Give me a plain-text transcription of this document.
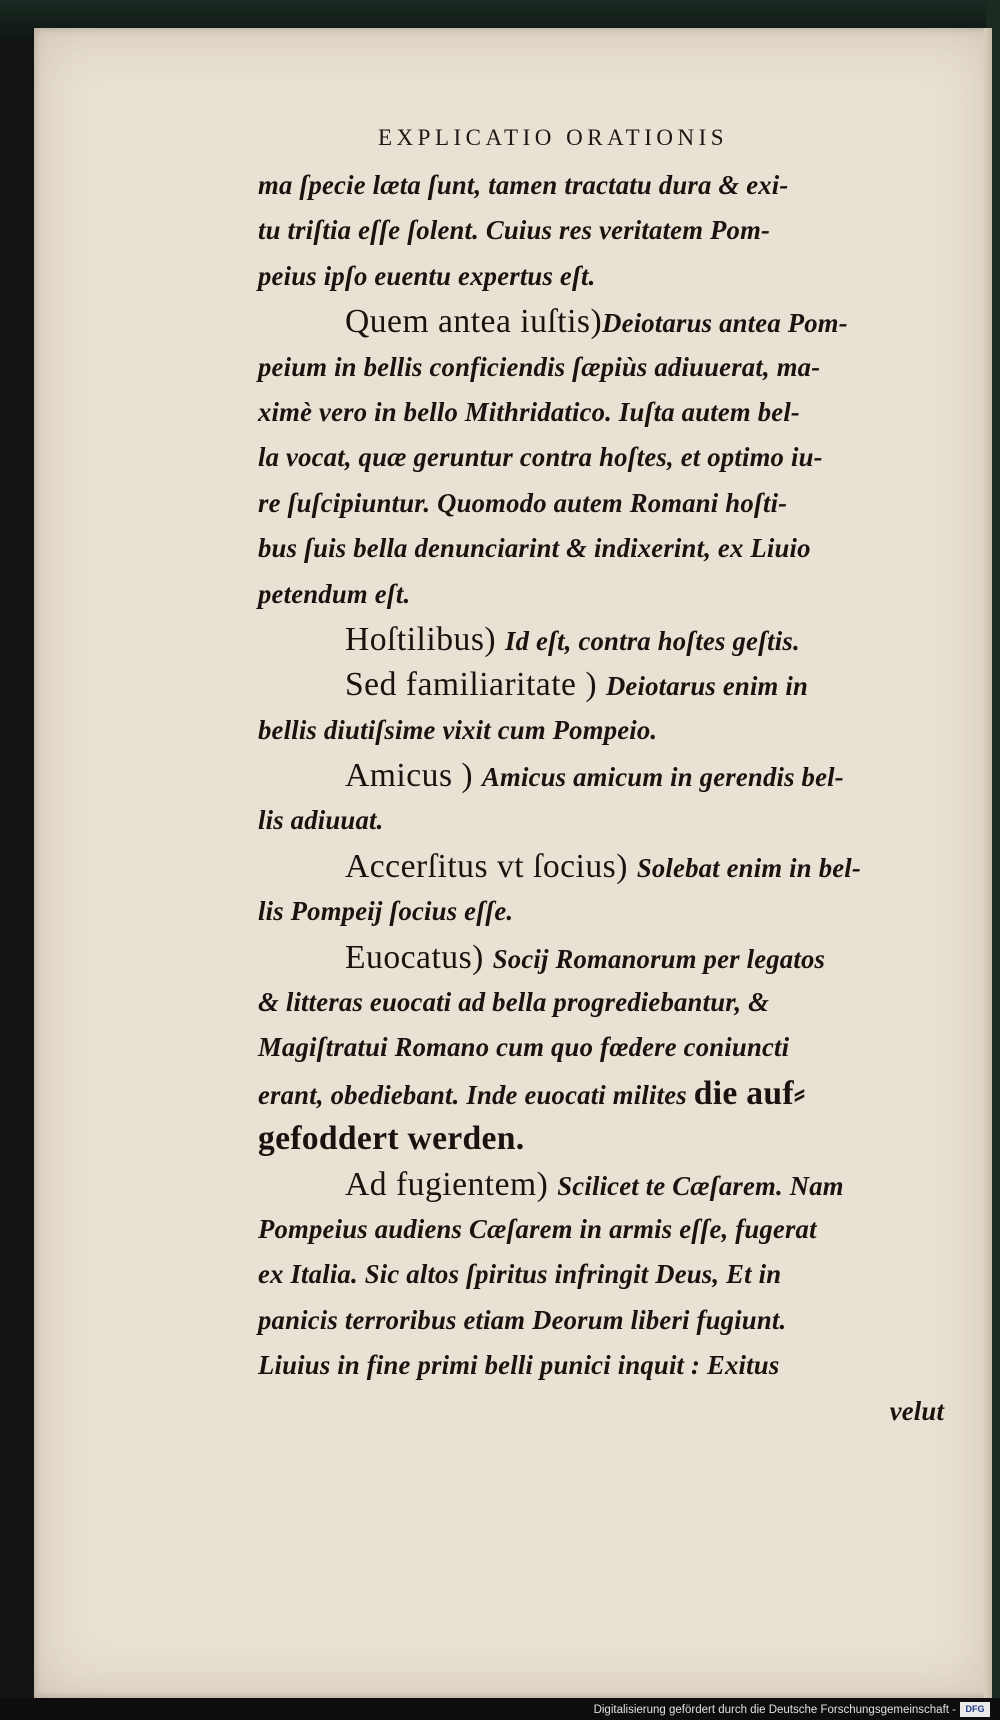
EXPLICATIO ORATIONIS
ma ſpecie læta ſunt, tamen tractatu dura & exi-
tu triſtia eſſe ſolent. Cuius res veritatem Pom-
peius ipſo euentu expertus eſt.
Quem antea iuſtis)Deiotarus antea Pom-
peium in bellis conficiendis ſæpiùs adiuuerat, ma-
ximè vero in bello Mithridatico. Iuſta autem bel-
la vocat, quæ geruntur contra hoſtes, et optimo iu-
re ſuſcipiuntur. Quomodo autem Romani hoſti-
bus ſuis bella denunciarint & indixerint, ex Liuio
petendum eſt.
Hoſtilibus) Id eſt, contra hoſtes geſtis.
Sed familiaritate ) Deiotarus enim in
bellis diutiſsime vixit cum Pompeio.
Amicus ) Amicus amicum in gerendis bel-
lis adiuuat.
Accerſitus vt ſocius) Solebat enim in bel-
lis Pompeij ſocius eſſe.
Euocatus) Socij Romanorum per legatos
& litteras euocati ad bella progrediebantur, &
Magiſtratui Romano cum quo fœdere coniuncti
erant, obediebant. Inde euocati milites die auf⸗
gefoddert werden.
Ad fugientem) Scilicet te Cæſarem. Nam
Pompeius audiens Cæſarem in armis eſſe, fugerat
ex Italia. Sic altos ſpiritus infringit Deus, Et in
panicis terroribus etiam Deorum liberi fugiunt.
Liuius in fine primi belli punici inquit : Exitus
velut
Digitalisierung gefördert durch die Deutsche Forschungsgemeinschaft -	DFG
